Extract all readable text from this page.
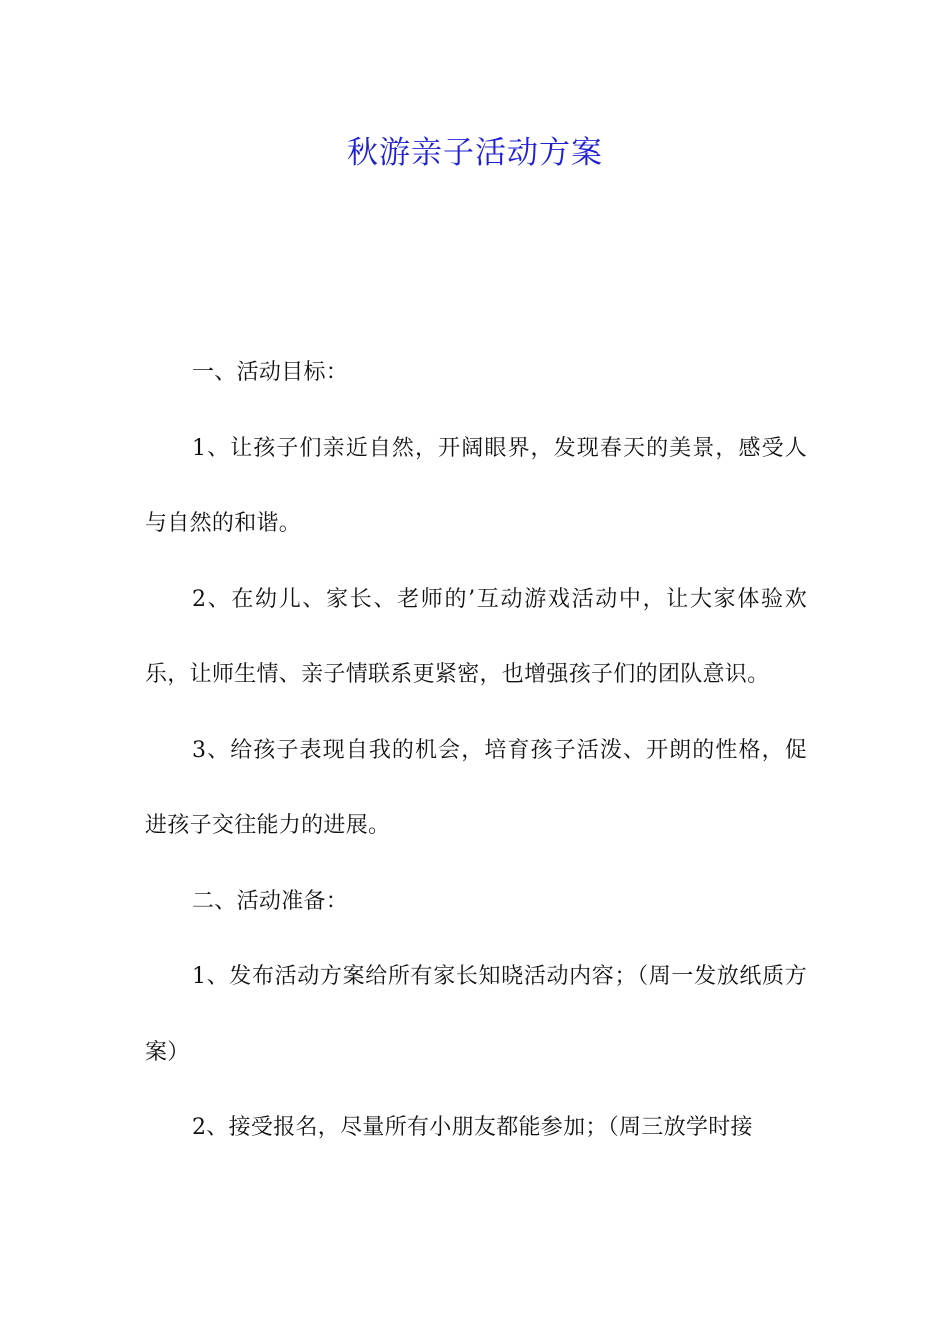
秋游亲子活动方案

一、活动目标：

1、让孩子们亲近自然，开阔眼界，发现春天的美景，感受人与自然的和谐。

2、在幼儿、家长、老师的’互动游戏活动中，让大家体验欢乐，让师生情、亲子情联系更紧密，也增强孩子们的团队意识。

3、给孩子表现自我的机会，培育孩子活泼、开朗的性格，促进孩子交往能力的进展。

二、活动准备：

1、发布活动方案给所有家长知晓活动内容；（周一发放纸质方案）

2、接受报名，尽量所有小朋友都能参加；（周三放学时接
